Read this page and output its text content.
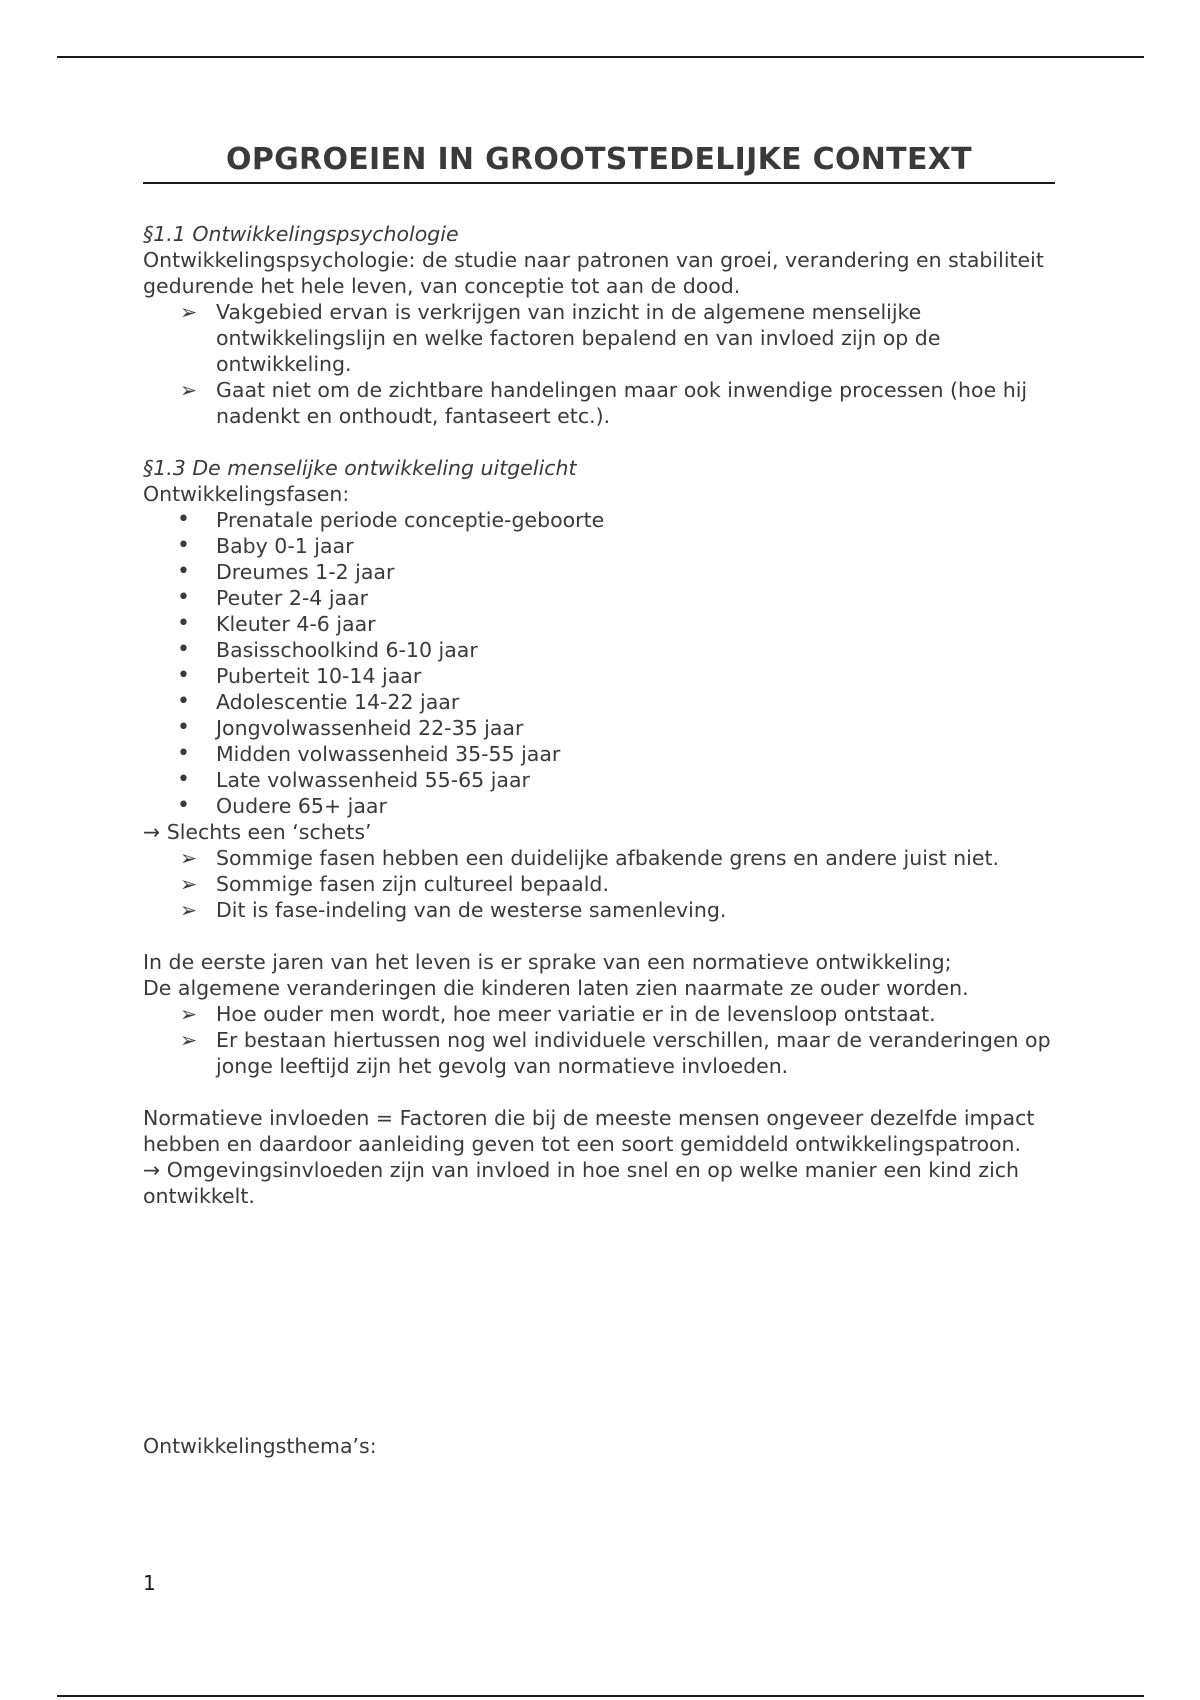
OPGROEIEN IN GROOTSTEDELIJKE CONTEXT

§1.1 Ontwikkelingspsychologie

Ontwikkelingspsychologie: de studie naar patronen van groei, verandering en stabiliteit gedurende het hele leven, van conceptie tot aan de dood.

➢ Vakgebied ervan is verkrijgen van inzicht in de algemene menselijke ontwikkelingslijn en welke factoren bepalend en van invloed zijn op de ontwikkeling.
➢ Gaat niet om de zichtbare handelingen maar ook inwendige processen (hoe hij nadenkt en onthoudt, fantaseert etc.).

§1.3 De menselijke ontwikkeling uitgelicht

Ontwikkelingsfasen:

• Prenatale periode conceptie-geboorte
• Baby 0-1 jaar
• Dreumes 1-2 jaar
• Peuter 2-4 jaar
• Kleuter 4-6 jaar
• Basisschoolkind 6-10 jaar
• Puberteit 10-14 jaar
• Adolescentie 14-22 jaar
• Jongvolwassenheid 22-35 jaar
• Midden volwassenheid 35-55 jaar
• Late volwassenheid 55-65 jaar
• Oudere 65+ jaar

→ Slechts een ‘schets’

➢ Sommige fasen hebben een duidelijke afbakende grens en andere juist niet.
➢ Sommige fasen zijn cultureel bepaald.
➢ Dit is fase-indeling van de westerse samenleving.

In de eerste jaren van het leven is er sprake van een normatieve ontwikkeling;

De algemene veranderingen die kinderen laten zien naarmate ze ouder worden.

➢ Hoe ouder men wordt, hoe meer variatie er in de levensloop ontstaat.
➢ Er bestaan hiertussen nog wel individuele verschillen, maar de veranderingen op jonge leeftijd zijn het gevolg van normatieve invloeden.

Normatieve invloeden = Factoren die bij de meeste mensen ongeveer dezelfde impact hebben en daardoor aanleiding geven tot een soort gemiddeld ontwikkelingspatroon.

→ Omgevingsinvloeden zijn van invloed in hoe snel en op welke manier een kind zich ontwikkelt.

Ontwikkelingsthema’s:

1
